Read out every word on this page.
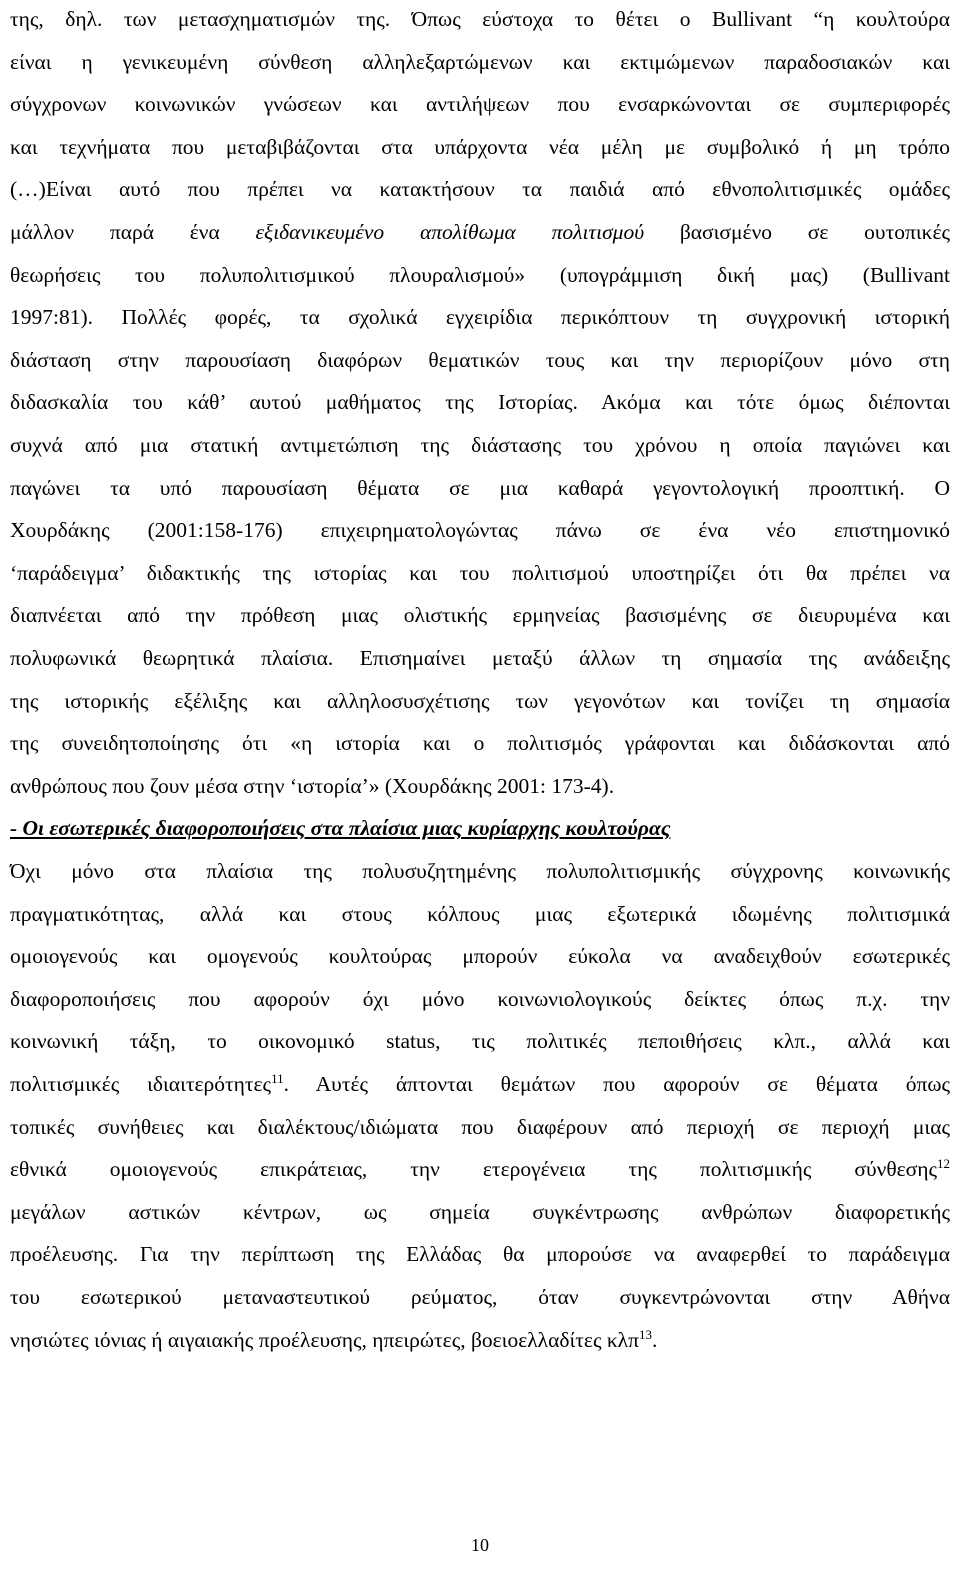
της, δηλ. των μετασχηματισμών της. Όπως εύστοχα το θέτει ο Bullivant “η κουλτούρα
είναι η γενικευμένη σύνθεση αλληλεξαρτώμενων και εκτιμώμενων παραδοσιακών και
σύγχρονων κοινωνικών γνώσεων και αντιλήψεων που ενσαρκώνονται σε συμπεριφορές
και τεχνήματα που μεταβιβάζονται στα υπάρχοντα νέα μέλη με συμβολικό ή μη τρόπο
(…)Είναι αυτό που πρέπει να κατακτήσουν τα παιδιά από εθνοπολιτισμικές ομάδες
μάλλον παρά ένα εξιδανικευμένο απολίθωμα πολιτισμού βασισμένο σε ουτοπικές
θεωρήσεις του πολυπολιτισμικού πλουραλισμού» (υπογράμμιση δική μας) (Bullivant
1997:81). Πολλές φορές, τα σχολικά εγχειρίδια περικόπτουν τη συγχρονική ιστορική
διάσταση στην παρουσίαση διαφόρων θεματικών τους και την περιορίζουν μόνο στη
διδασκαλία του κάθ’ αυτού μαθήματος της Ιστορίας. Ακόμα και τότε όμως διέπονται
συχνά από μια στατική αντιμετώπιση της διάστασης του χρόνου η οποία παγιώνει και
παγώνει τα υπό παρουσίαση θέματα σε μια καθαρά γεγοντολογική προοπτική. Ο
Χουρδάκης (2001:158-176) επιχειρηματολογώντας πάνω σε ένα νέο επιστημονικό
‘παράδειγμα’ διδακτικής της ιστορίας και του πολιτισμού υποστηρίζει ότι θα πρέπει να
διαπνέεται από την πρόθεση μιας ολιστικής ερμηνείας βασισμένης σε διευρυμένα και
πολυφωνικά θεωρητικά πλαίσια. Επισημαίνει μεταξύ άλλων τη σημασία της ανάδειξης
της ιστορικής εξέλιξης και αλληλοσυσχέτισης των γεγονότων και τονίζει τη σημασία
της συνειδητοποίησης ότι «η ιστορία και ο πολιτισμός γράφονται και διδάσκονται από
ανθρώπους που ζουν μέσα στην ‘ιστορία’» (Χουρδάκης 2001: 173-4).
- Οι εσωτερικές διαφοροποιήσεις στα πλαίσια μιας κυρίαρχης κουλτούρας
Όχι μόνο στα πλαίσια της πολυσυζητημένης πολυπολιτισμικής σύγχρονης κοινωνικής
πραγματικότητας, αλλά και στους κόλπους μιας εξωτερικά ιδωμένης πολιτισμικά
ομοιογενούς και ομογενούς κουλτούρας μπορούν εύκολα να αναδειχθούν εσωτερικές
διαφοροποιήσεις που αφορούν όχι μόνο κοινωνιολογικούς δείκτες όπως π.χ. την
κοινωνική τάξη, το οικονομικό status, τις πολιτικές πεποιθήσεις κλπ., αλλά και
πολιτισμικές ιδιαιτερότητες$^{11}$. Αυτές άπτονται θεμάτων που αφορούν σε θέματα όπως
τοπικές συνήθειες και διαλέκτους/ιδιώματα που διαφέρουν από περιοχή σε περιοχή μιας
εθνικά ομοιογενούς επικράτειας, την ετερογένεια της πολιτισμικής σύνθεσης$^{12}$
μεγάλων αστικών κέντρων, ως σημεία συγκέντρωσης ανθρώπων διαφορετικής
προέλευσης. Για την περίπτωση της Ελλάδας θα μπορούσε να αναφερθεί το παράδειγμα
του εσωτερικού μεταναστευτικού ρεύματος, όταν συγκεντρώνονται στην Αθήνα
νησιώτες ιόνιας ή αιγαιακής προέλευσης, ηπειρώτες, βοειοελλαδίτες κλπ$^{13}$.
10
